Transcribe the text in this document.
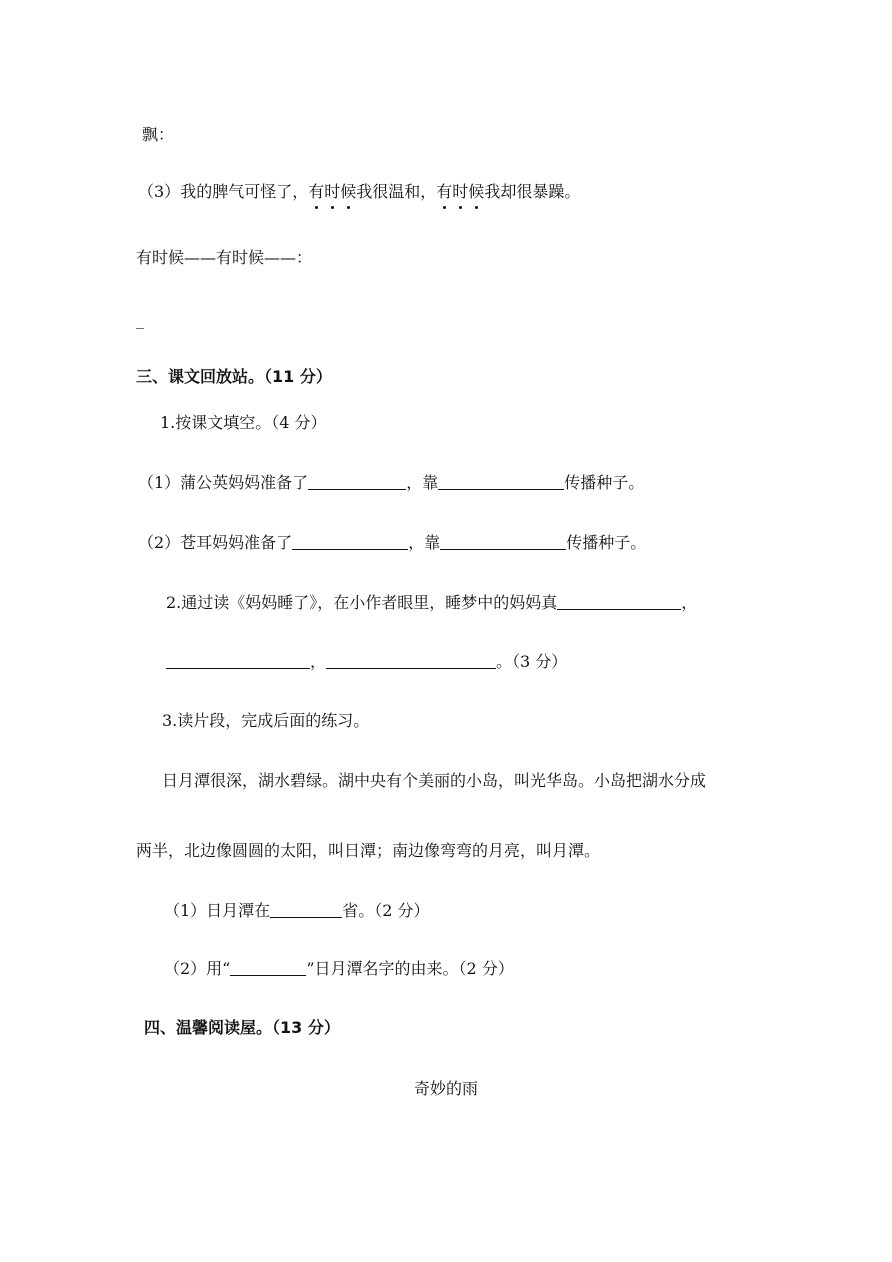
飘：
（3）我的脾气可怪了，有时候我很温和，有时候我却很暴躁。
有时候——有时候——：
_
三、课文回放站。（11 分）
1.按课文填空。（4 分）
（1）蒲公英妈妈准备了	，靠	传播种子。
（2）苍耳妈妈准备了	，靠	传播种子。
2.通过读《妈妈睡了》，在小作者眼里，睡梦中的妈妈真	，
，	。（3 分）
3.读片段，完成后面的练习。
日月潭很深，湖水碧绿。湖中央有个美丽的小岛，叫光华岛。小岛把湖水分成
两半，北边像圆圆的太阳，叫日潭；南边像弯弯的月亮，叫月潭。
（1）日月潭在	省。（2 分）
（2）用“	”日月潭名字的由来。（2 分）
四、温馨阅读屋。（13 分）
奇妙的雨
